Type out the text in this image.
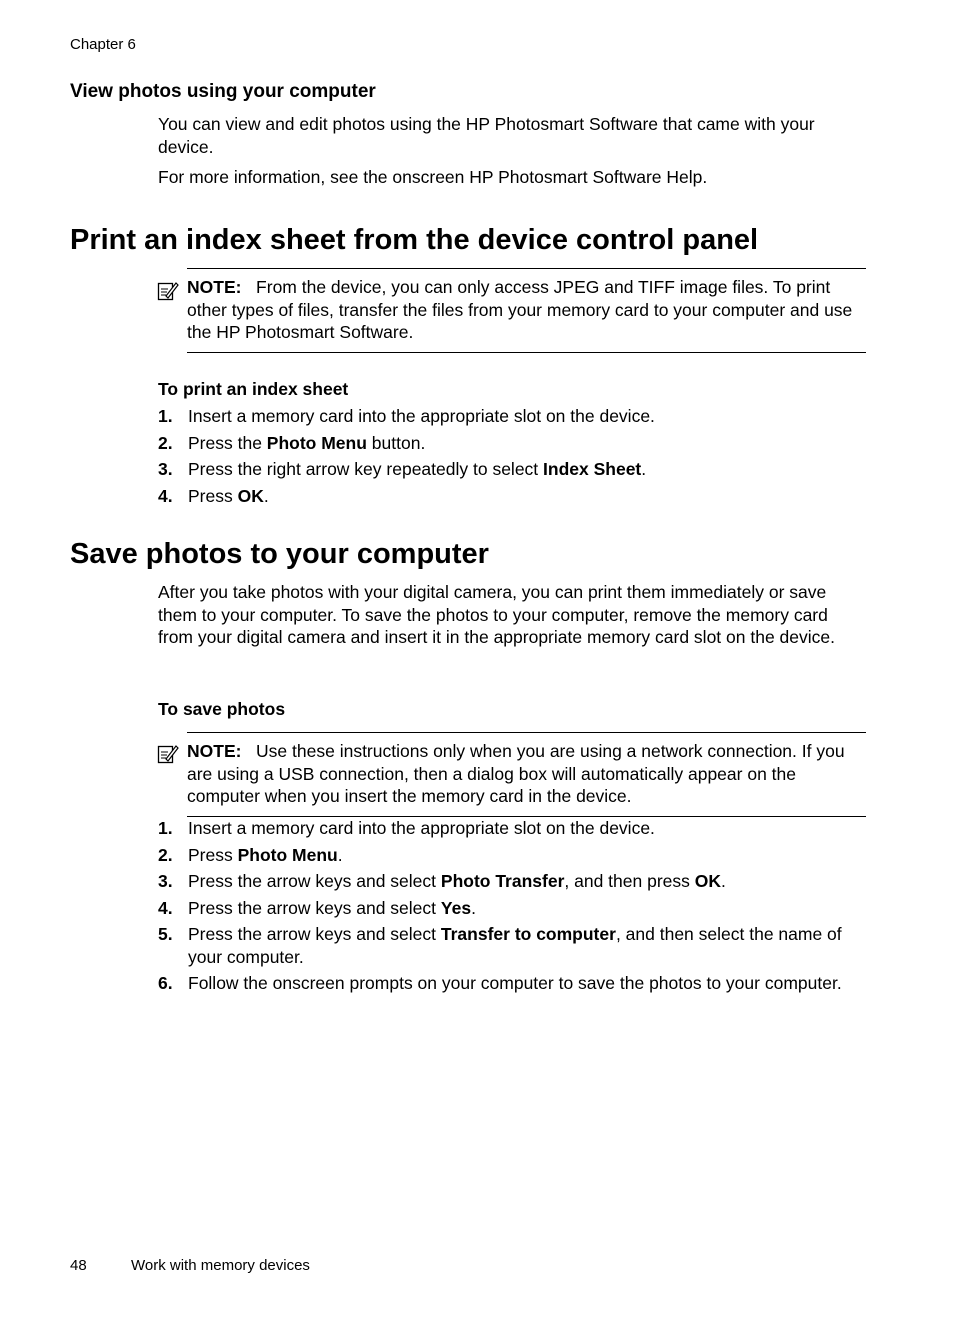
Chapter 6
View photos using your computer
You can view and edit photos using the HP Photosmart Software that came with your device.
For more information, see the onscreen HP Photosmart Software Help.
Print an index sheet from the device control panel
NOTE: From the device, you can only access JPEG and TIFF image files. To print other types of files, transfer the files from your memory card to your computer and use the HP Photosmart Software.
To print an index sheet
1. Insert a memory card into the appropriate slot on the device.
2. Press the Photo Menu button.
3. Press the right arrow key repeatedly to select Index Sheet.
4. Press OK.
Save photos to your computer
After you take photos with your digital camera, you can print them immediately or save them to your computer. To save the photos to your computer, remove the memory card from your digital camera and insert it in the appropriate memory card slot on the device.
To save photos
NOTE: Use these instructions only when you are using a network connection. If you are using a USB connection, then a dialog box will automatically appear on the computer when you insert the memory card in the device.
1. Insert a memory card into the appropriate slot on the device.
2. Press Photo Menu.
3. Press the arrow keys and select Photo Transfer, and then press OK.
4. Press the arrow keys and select Yes.
5. Press the arrow keys and select Transfer to computer, and then select the name of your computer.
6. Follow the onscreen prompts on your computer to save the photos to your computer.
48	Work with memory devices
